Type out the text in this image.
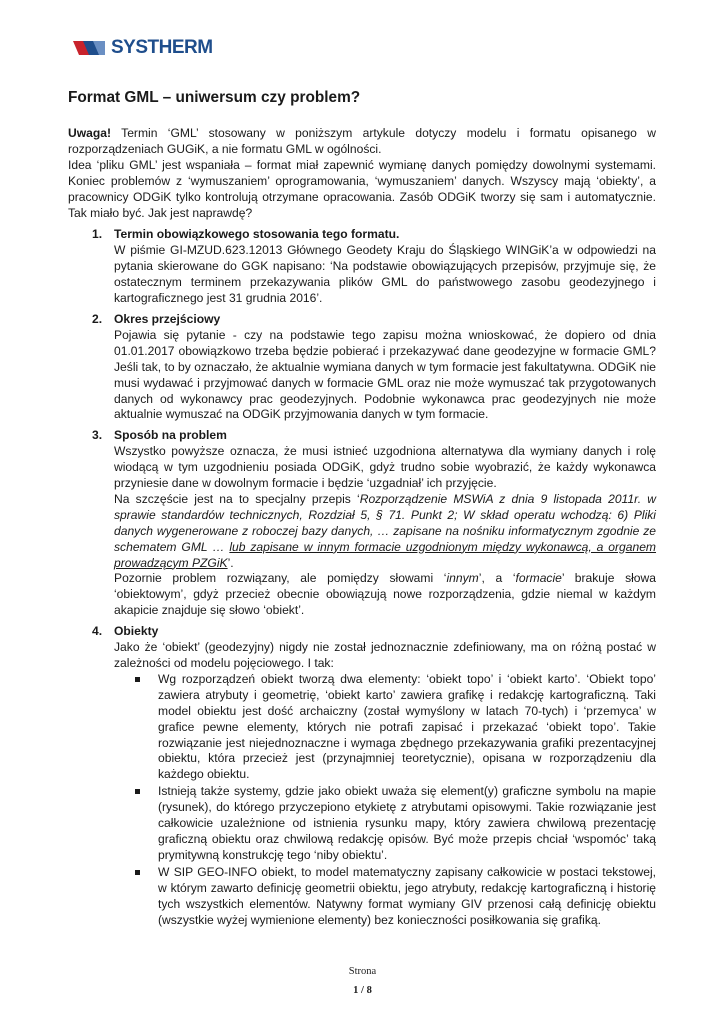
SYSTHERM
Format GML – uniwersum czy problem?

Uwaga! Termin ‘GML’ stosowany w poniższym artykule dotyczy modelu i formatu opisanego w rozporządzeniach GUGiK, a nie formatu GML w ogólności.

Idea ‘pliku GML’ jest wspaniała – format miał zapewnić wymianę danych pomiędzy dowolnymi systemami. Koniec problemów z ‘wymuszaniem’ oprogramowania, ‘wymuszaniem’ danych. Wszyscy mają ‘obiekty’, a pracownicy ODGiK tylko kontrolują otrzymane opracowania. Zasób ODGiK tworzy się sam i automatycznie. Tak miało być. Jak jest naprawdę?

1. Termin obowiązkowego stosowania tego formatu.

W piśmie GI-MZUD.623.12013 Głównego Geodety Kraju do Śląskiego WINGiK’a w odpowiedzi na pytania skierowane do GGK napisano: ‘Na podstawie obowiązujących przepisów, przyjmuje się, że ostatecznym terminem przekazywania plików GML do państwowego zasobu geodezyjnego i kartograficznego jest 31 grudnia 2016’.

2. Okres przejściowy

Pojawia się pytanie - czy na podstawie tego zapisu można wnioskować, że dopiero od dnia 01.01.2017 obowiązkowo trzeba będzie pobierać i przekazywać dane geodezyjne w formacie GML? Jeśli tak, to by oznaczało, że aktualnie wymiana danych w tym formacie jest fakultatywna. ODGiK nie musi wydawać i przyjmować danych w formacie GML oraz nie może wymuszać tak przygotowanych danych od wykonawcy prac geodezyjnych. Podobnie wykonawca prac geodezyjnych nie może aktualnie wymuszać na ODGiK przyjmowania danych w tym formacie.

3. Sposób na problem

Wszystko powyższe oznacza, że musi istnieć uzgodniona alternatywa dla wymiany danych i rolę wiodącą w tym uzgodnieniu posiada ODGiK, gdyż trudno sobie wyobrazić, że każdy wykonawca przyniesie dane w dowolnym formacie i będzie ‘uzgadniał’ ich przyjęcie.

Na szczęście jest na to specjalny przepis ‘Rozporządzenie MSWiA z dnia 9 listopada 2011r. w sprawie standardów technicznych, Rozdział 5, § 71. Punkt 2; W skład operatu wchodzą: 6) Pliki danych wygenerowane z roboczej bazy danych, … zapisane na nośniku informatycznym zgodnie ze schematem GML … lub zapisane w innym formacie uzgodnionym między wykonawcą, a organem prowadzącym PZGiK’.

Pozornie problem rozwiązany, ale pomiędzy słowami ‘innym’, a ‘formacie’ brakuje słowa ‘obiektowym’, gdyż przecież obecnie obowiązują nowe rozporządzenia, gdzie niemal w każdym akapicie znajduje się słowo ‘obiekt’.

4. Obiekty

Jako że ‘obiekt’ (geodezyjny) nigdy nie został jednoznacznie zdefiniowany, ma on różną postać w zależności od modelu pojęciowego. I tak:

Wg rozporządzeń obiekt tworzą dwa elementy: ‘obiekt topo’ i ‘obiekt karto’. ‘Obiekt topo’ zawiera atrybuty i geometrię, ‘obiekt karto’ zawiera grafikę i redakcję kartograficzną. Taki model obiektu jest dość archaiczny (został wymyślony w latach 70-tych) i ‘przemyca’ w grafice pewne elementy, których nie potrafi zapisać i przekazać ‘obiekt topo’. Takie rozwiązanie jest niejednoznaczne i wymaga zbędnego przekazywania grafiki prezentacyjnej obiektu, która przecież jest (przynajmniej teoretycznie), opisana w rozporządzeniu dla każdego obiektu.
Istnieją także systemy, gdzie jako obiekt uważa się element(y) graficzne symbolu na mapie (rysunek), do którego przyczepiono etykietę z atrybutami opisowymi. Takie rozwiązanie jest całkowicie uzależnione od istnienia rysunku mapy, który zawiera chwilową prezentację graficzną obiektu oraz chwilową redakcję opisów. Być może przepis chciał ‘wspomóc’ taką prymitywną konstrukcję tego ‘niby obiektu’.
W SIP GEO-INFO obiekt, to model matematyczny zapisany całkowicie w postaci tekstowej, w którym zawarto definicję geometrii obiektu, jego atrybuty, redakcję kartograficzną i historię tych wszystkich elementów. Natywny format wymiany GIV przenosi całą definicję obiektu (wszystkie wyżej wymienione elementy) bez konieczności posiłkowania się grafiką.
Strona
1 / 8
